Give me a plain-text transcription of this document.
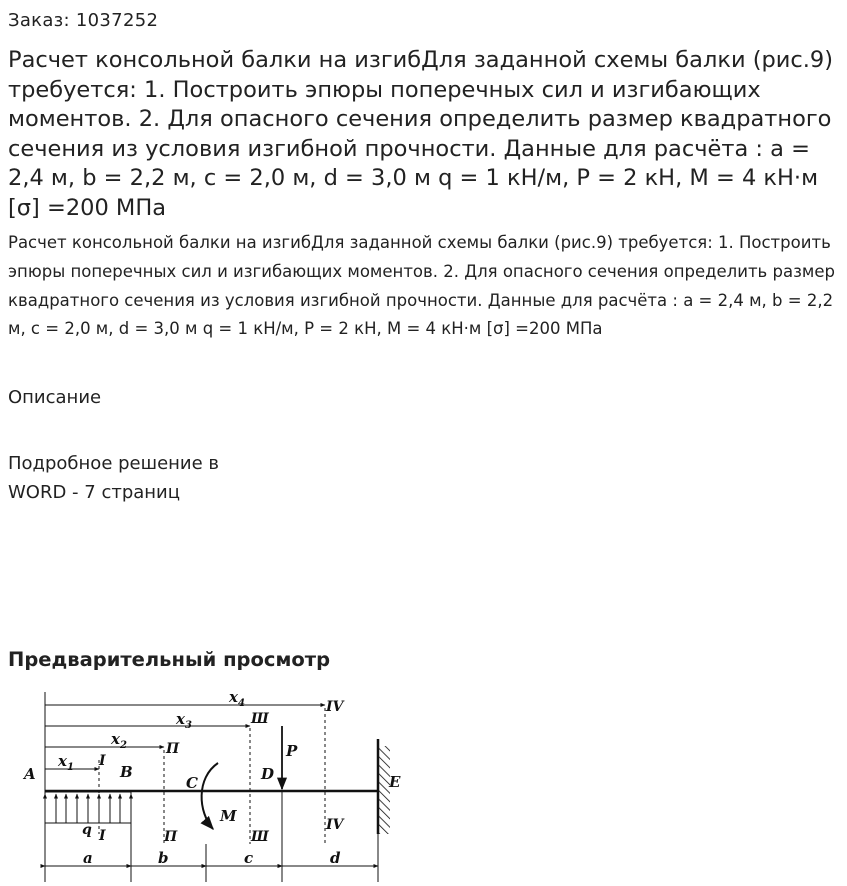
Заказ: 1037252
Расчет консольной балки на изгибДля заданной схемы балки (рис.9) требуется: 1. Построить эпюры поперечных сил и изгибающих моментов. 2. Для опасного сечения определить размер квадратного сечения из условия изгибной прочности. Данные для расчёта : a = 2,4 м, b = 2,2 м, c = 2,0 м, d = 3,0 м q = 1 кН/м, P = 2 кН, M = 4 кН·м [σ] =200 МПа

Расчет консольной балки на изгибДля заданной схемы балки (рис.9) требуется: 1. Построить эпюры поперечных сил и изгибающих моментов. 2. Для опасного сечения определить размер квадратного сечения из условия изгибной прочности. Данные для расчёта : a = 2,4 м, b = 2,2 м, c = 2,0 м, d = 3,0 м q = 1 кН/м, P = 2 кН, M = 4 кН·м [σ] =200 МПа

Описание
Подробное решение в
WORD - 7 страниц
Предварительный просмотр
$x_4$
$x_3$
$x_2$
$x_1$ I
П
Ш
IV
I	П	Ш
IV
q
A	B
C	D	E
P
M
a	b	c	d
